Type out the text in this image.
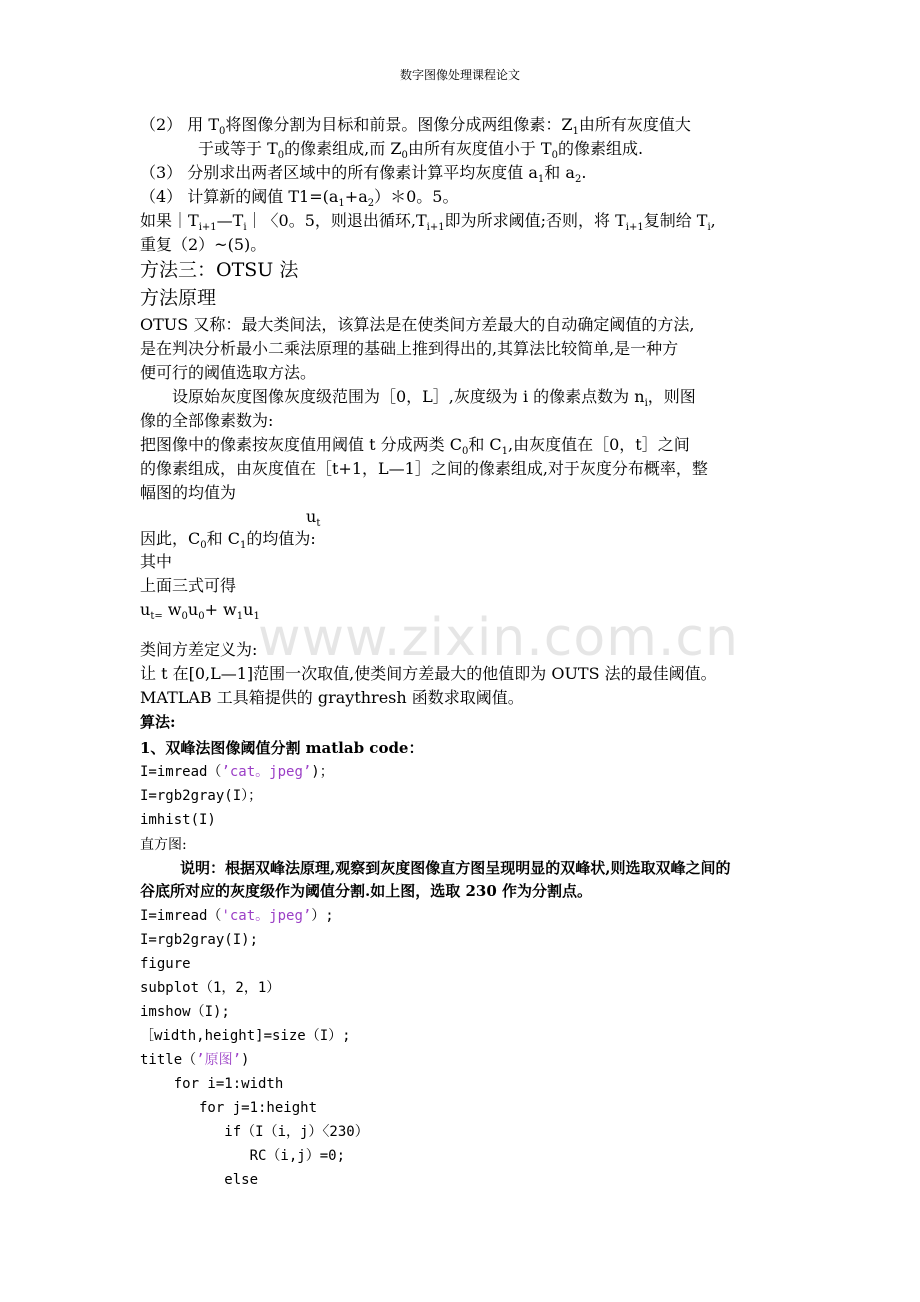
数字图像处理课程论文
（2） 用 $T_0$将图像分割为目标和前景。图像分成两组像素：$Z_1$由所有灰度值大
于或等于 $T_0$的像素组成,而 $Z_0$由所有灰度值小于 $T_0$的像素组成.
（3） 分别求出两者区域中的所有像素计算平均灰度值 $a_1$和 $a_2$.
（4） 计算新的阈值 $T1=(a_1+a_2)*0$。5。
如果$|T_{i+1}—T_i|$〈0。5，则退出循环$,T_{i+1}$即为所求阈值;否则，将 $T_{i+1}$复制给 $T_i$,
重复（2）~(5)。
方法三：OTSU 法
方法原理
OTUS 又称：最大类间法，该算法是在使类间方差最大的自动确定阈值的方法,
是在判决分析最小二乘法原理的基础上推到得出的,其算法比较简单,是一种方
便可行的阈值选取方法。
设原始灰度图像灰度级范围为［0，L］,灰度级为 i 的像素点数为 $n_i$，则图
像的全部像素数为:
把图像中的像素按灰度值用阈值 t 分成两类 $C_0$和 $C_1$,由灰度值在［0，t］之间
的像素组成，由灰度值在［t+1，L—1］之间的像素组成,对于灰度分布概率，整
幅图的均值为
$u_t$
因此，$C_0$和 $C_1$的均值为:
其中
上面三式可得
$u_{t=}$ $w_0u_0+ w_1u_1$
类间方差定义为:
让 t 在[0,L—1]范围一次取值,使类间方差最大的他值即为 OUTS 法的最佳阈值。
MATLAB 工具箱提供的 graythresh 函数求取阈值。
算法:
1、双峰法图像阈值分割 matlab code：
I=imread（’cat。jpeg’)；
I=rgb2gray(I）；
imhist(I)
直方图:
说明：根据双峰法原理,观察到灰度图像直方图呈现明显的双峰状,则选取双峰之间的
谷底所对应的灰度级作为阈值分割.如上图，选取 230 作为分割点。
I=imread（'cat。jpeg’）;
I=rgb2gray(I);
figure
subplot（1，2，1）
imshow（I);
［width,height]=size（I）;
title（’原图’)
for i=1:width
for j=1:height
if（I（i，j）〈230）
RC（i,j）=0;
else
www.zixin.com.cn
